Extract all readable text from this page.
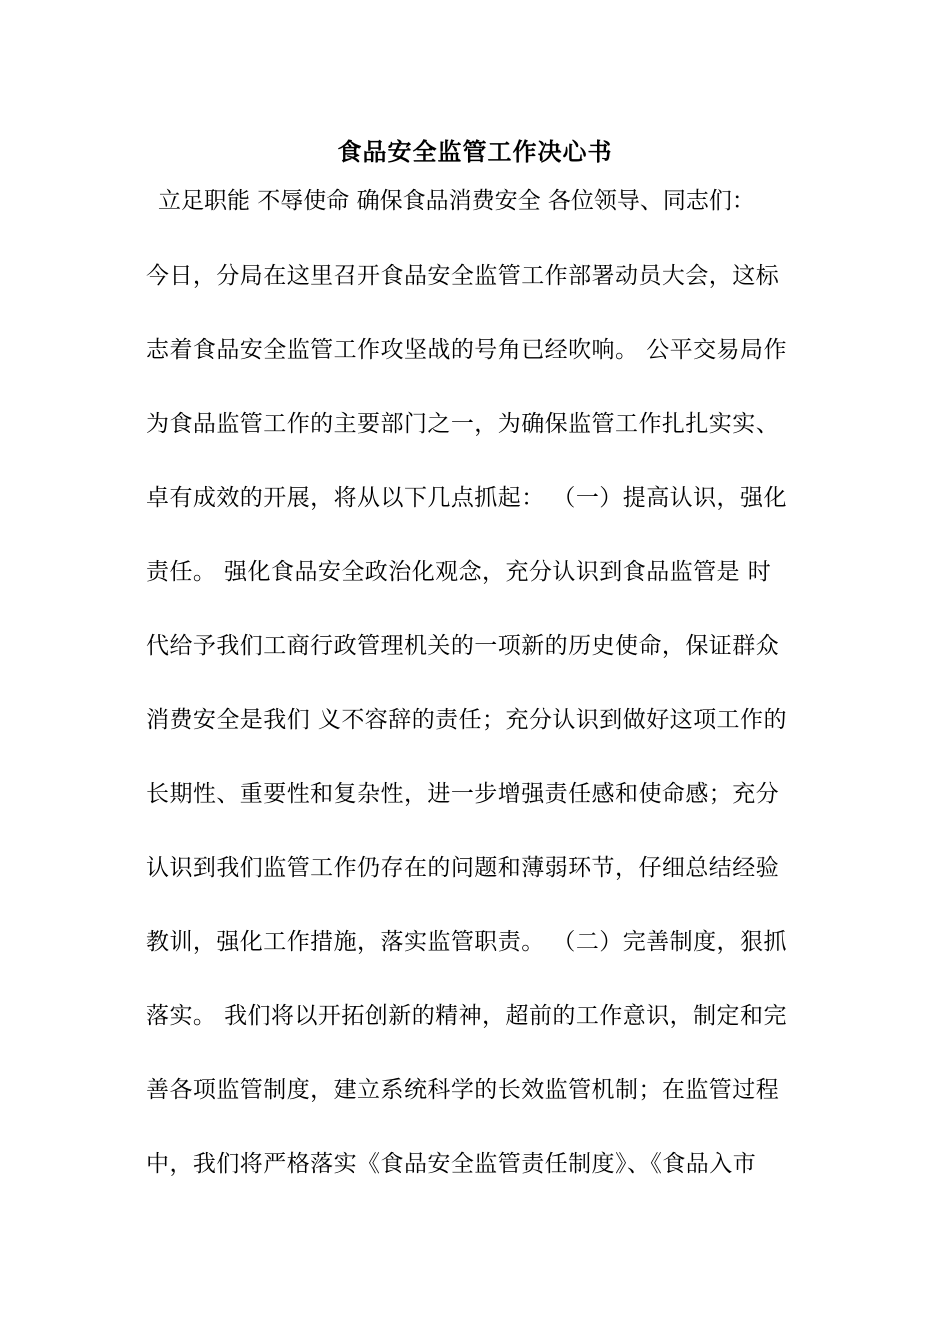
食品安全监管工作决心书
立足职能 不辱使命 确保食品消费安全 各位领导、同志们：
今日，分局在这里召开食品安全监管工作部署动员大会，这标
志着食品安全监管工作攻坚战的号角已经吹响。 公平交易局作
为食品监管工作的主要部门之一，为确保监管工作扎扎实实、
卓有成效的开展，将从以下几点抓起： （一）提高认识，强化
责任。 强化食品安全政治化观念，充分认识到食品监管是 时
代给予我们工商行政管理机关的一项新的历史使命，保证群众
消费安全是我们 义不容辞的责任；充分认识到做好这项工作的
长期性、重要性和复杂性，进一步增强责任感和使命感；充分
认识到我们监管工作仍存在的问题和薄弱环节，仔细总结经验
教训，强化工作措施，落实监管职责。 （二）完善制度，狠抓
落实。 我们将以开拓创新的精神，超前的工作意识，制定和完
善各项监管制度，建立系统科学的长效监管机制；在监管过程
中，我们将严格落实《食品安全监管责任制度》、《食品入市
